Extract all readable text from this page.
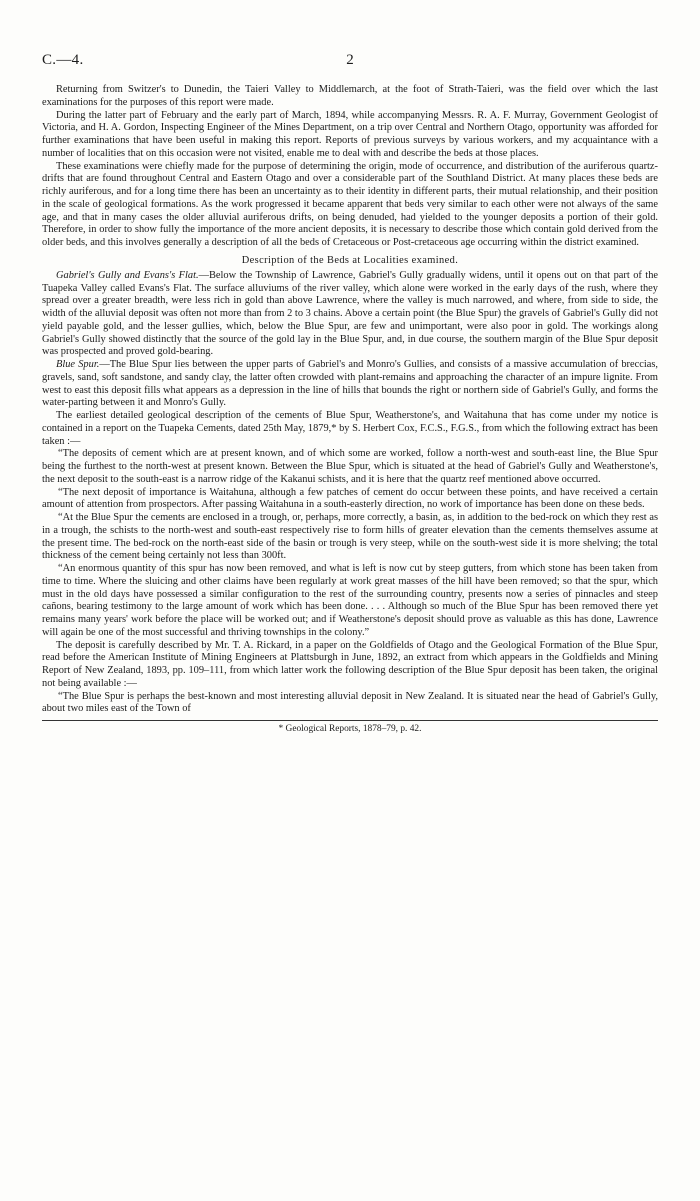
C.—4.	2

Returning from Switzer's to Dunedin, the Taieri Valley to Middlemarch, at the foot of Strath-Taieri, was the field over which the last examinations for the purposes of this report were made.

During the latter part of February and the early part of March, 1894, while accompanying Messrs. R. A. F. Murray, Government Geologist of Victoria, and H. A. Gordon, Inspecting Engineer of the Mines Department, on a trip over Central and Northern Otago, opportunity was afforded for further examinations that have been useful in making this report. Reports of previous surveys by various workers, and my acquaintance with a number of localities that on this occasion were not visited, enable me to deal with and describe the beds at those places.

These examinations were chiefly made for the purpose of determining the origin, mode of occurrence, and distribution of the auriferous quartz-drifts that are found throughout Central and Eastern Otago and over a considerable part of the Southland District. At many places these beds are richly auriferous, and for a long time there has been an uncertainty as to their identity in different parts, their mutual relationship, and their position in the scale of geological formations. As the work progressed it became apparent that beds very similar to each other were not always of the same age, and that in many cases the older alluvial auriferous drifts, on being denuded, had yielded to the younger deposits a portion of their gold. Therefore, in order to show fully the importance of the more ancient deposits, it is necessary to describe those which contain gold derived from the older beds, and this involves generally a description of all the beds of Cretaceous or Post-cretaceous age occurring within the district examined.

Description of the Beds at Localities examined.

Gabriel's Gully and Evans's Flat.—Below the Township of Lawrence, Gabriel's Gully gradually widens, until it opens out on that part of the Tuapeka Valley called Evans's Flat. The surface alluviums of the river valley, which alone were worked in the early days of the rush, where they spread over a greater breadth, were less rich in gold than above Lawrence, where the valley is much narrowed, and where, from side to side, the width of the alluvial deposit was often not more than from 2 to 3 chains. Above a certain point (the Blue Spur) the gravels of Gabriel's Gully did not yield payable gold, and the lesser gullies, which, below the Blue Spur, are few and unimportant, were also poor in gold. The workings along Gabriel's Gully showed distinctly that the source of the gold lay in the Blue Spur, and, in due course, the southern margin of the Blue Spur deposit was prospected and proved gold-bearing.

Blue Spur.—The Blue Spur lies between the upper parts of Gabriel's and Monro's Gullies, and consists of a massive accumulation of breccias, gravels, sand, soft sandstone, and sandy clay, the latter often crowded with plant-remains and approaching the character of an impure lignite. From west to east this deposit fills what appears as a depression in the line of hills that bounds the right or northern side of Gabriel's Gully, and forms the water-parting between it and Monro's Gully.

The earliest detailed geological description of the cements of Blue Spur, Weatherstone's, and Waitahuna that has come under my notice is contained in a report on the Tuapeka Cements, dated 25th May, 1879,* by S. Herbert Cox, F.C.S., F.G.S., from which the following extract has been taken :—

“The deposits of cement which are at present known, and of which some are worked, follow a north-west and south-east line, the Blue Spur being the furthest to the north-west at present known. Between the Blue Spur, which is situated at the head of Gabriel's Gully and Weatherstone's, the next deposit to the south-east is a narrow ridge of the Kakanui schists, and it is here that the quartz reef mentioned above occurred.

“The next deposit of importance is Waitahuna, although a few patches of cement do occur between these points, and have received a certain amount of attention from prospectors. After passing Waitahuna in a south-easterly direction, no work of importance has been done on these beds.

“At the Blue Spur the cements are enclosed in a trough, or, perhaps, more correctly, a basin, as, in addition to the bed-rock on which they rest as in a trough, the schists to the north-west and south-east respectively rise to form hills of greater elevation than the cements themselves assume at the present time. The bed-rock on the north-east side of the basin or trough is very steep, while on the south-west side it is more shelving; the total thickness of the cement being certainly not less than 300ft.

“An enormous quantity of this spur has now been removed, and what is left is now cut by steep gutters, from which stone has been taken from time to time. Where the sluicing and other claims have been regularly at work great masses of the hill have been removed; so that the spur, which must in the old days have possessed a similar configuration to the rest of the surrounding country, presents now a series of pinnacles and steep cañons, bearing testimony to the large amount of work which has been done. . . . Although so much of the Blue Spur has been removed there yet remains many years' work before the place will be worked out; and if Weatherstone's deposit should prove as valuable as this has done, Lawrence will again be one of the most successful and thriving townships in the colony.”

The deposit is carefully described by Mr. T. A. Rickard, in a paper on the Goldfields of Otago and the Geological Formation of the Blue Spur, read before the American Institute of Mining Engineers at Plattsburgh in June, 1892, an extract from which appears in the Goldfields and Mining Report of New Zealand, 1893, pp. 109–111, from which latter work the following description of the Blue Spur deposit has been taken, the original not being available :—

“The Blue Spur is perhaps the best-known and most interesting alluvial deposit in New Zealand. It is situated near the head of Gabriel's Gully, about two miles east of the Town of

* Geological Reports, 1878–79, p. 42.
